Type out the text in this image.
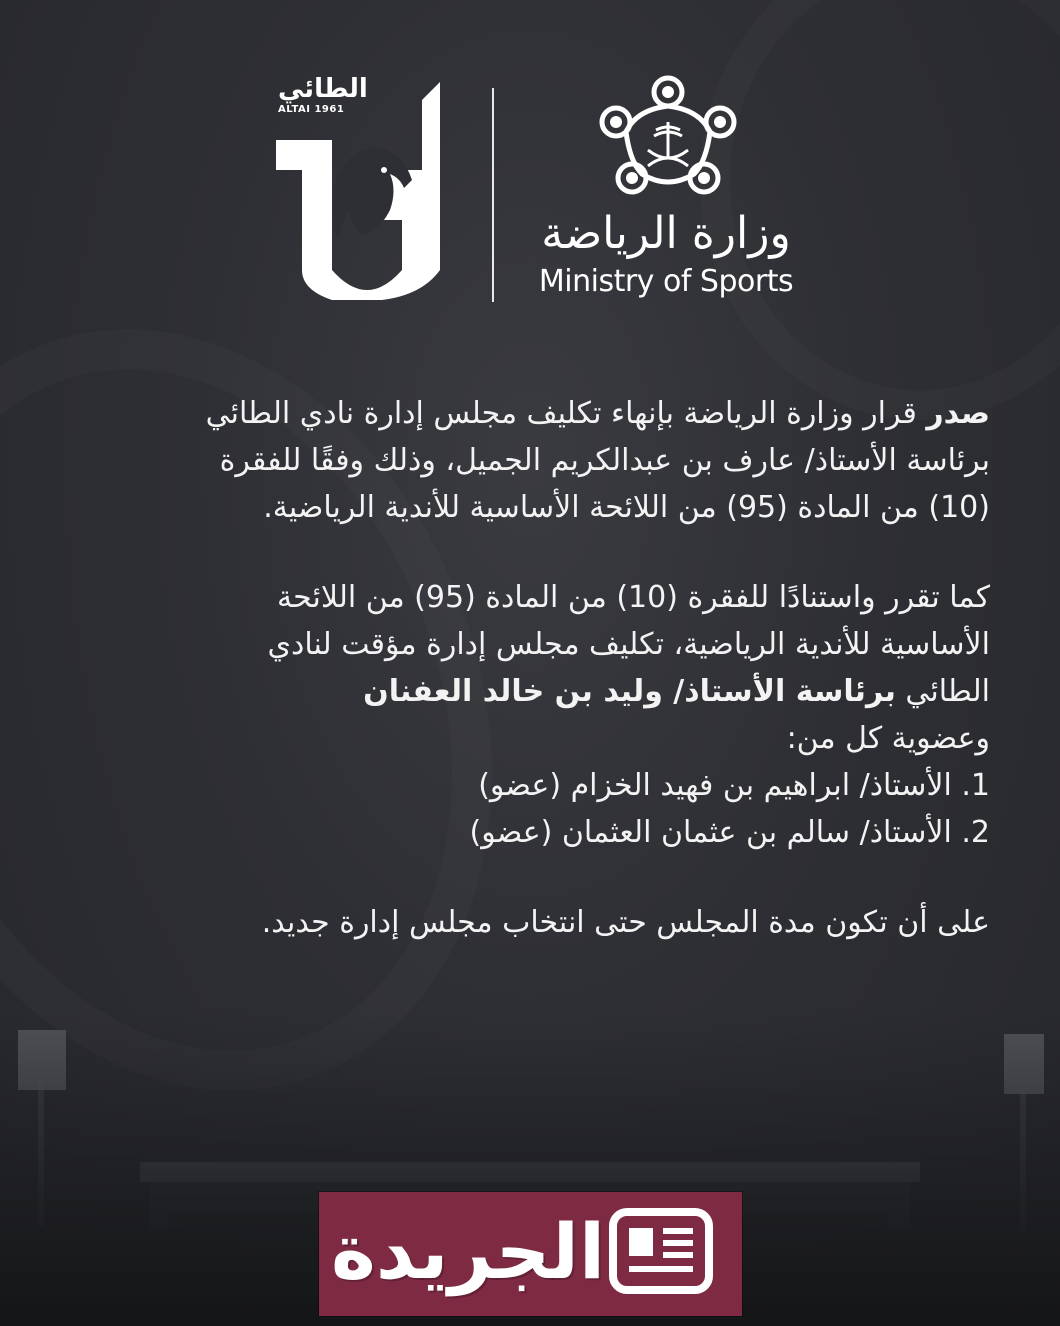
الطائي
ALTAI 1961
وزارة الرياضة
Ministry of Sports
صدر قرار وزارة الرياضة بإنهاء تكليف مجلس إدارة نادي الطائي
برئاسة الأستاذ/ عارف بن عبدالكريم الجميل، وذلك وفقًا للفقرة
(10) من المادة (95) من اللائحة الأساسية للأندية الرياضية.
كما تقرر واستنادًا للفقرة (10) من المادة (95) من اللائحة
الأساسية للأندية الرياضية، تكليف مجلس إدارة مؤقت لنادي
الطائي برئاسة الأستاذ/ وليد بن خالد العفنان
وعضوية كل من:
1. الأستاذ/ ابراهيم بن فهيد الخزام (عضو)
2. الأستاذ/ سالم بن عثمان العثمان (عضو)
على أن تكون مدة المجلس حتى انتخاب مجلس إدارة جديد.
الجريدة
